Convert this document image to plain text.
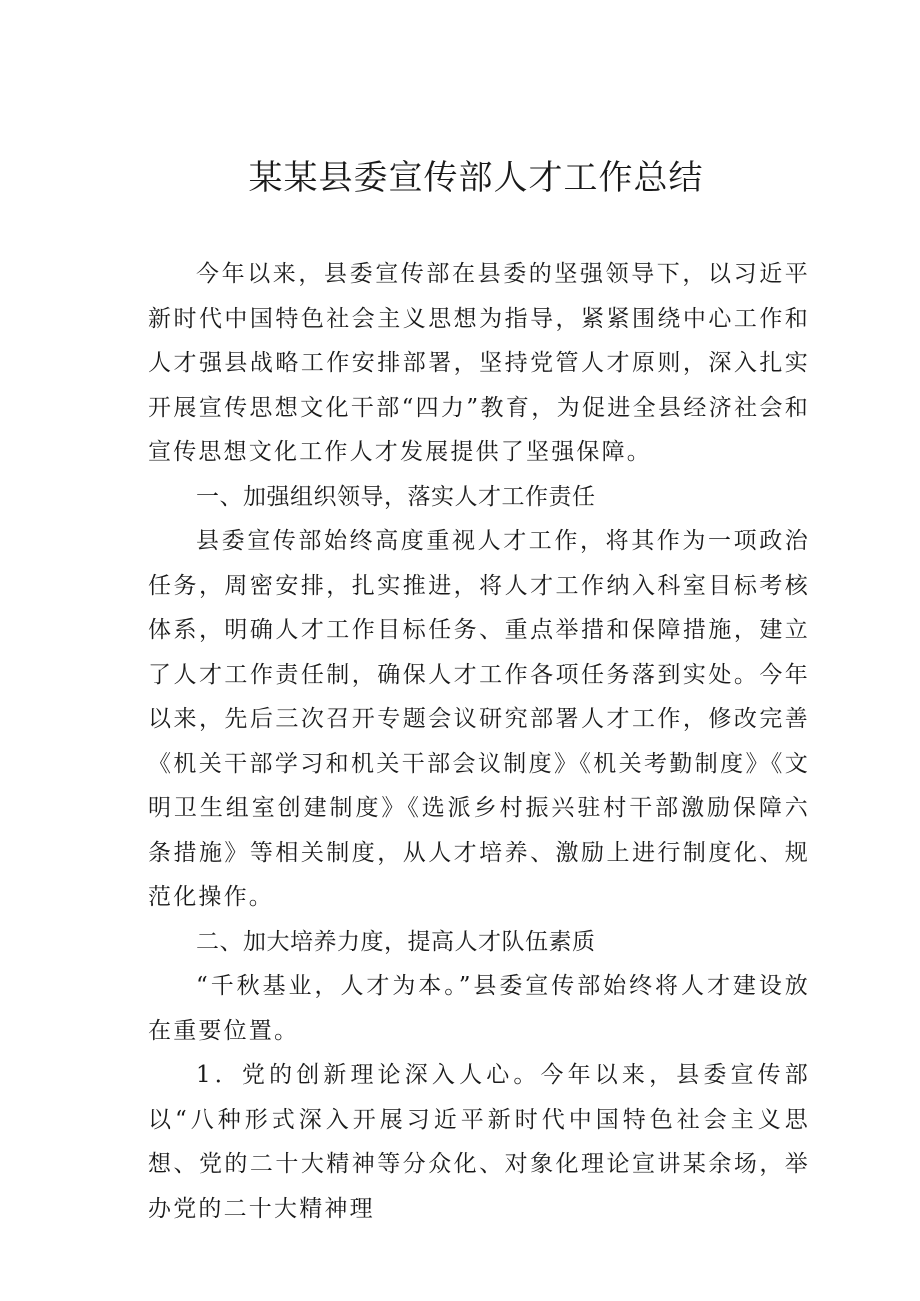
某某县委宣传部人才工作总结

今年以来，县委宣传部在县委的坚强领导下，以习近平新时代中国特色社会主义思想为指导，紧紧围绕中心工作和人才强县战略工作安排部署，坚持党管人才原则，深入扎实开展宣传思想文化干部“四力”教育，为促进全县经济社会和宣传思想文化工作人才发展提供了坚强保障。

一、加强组织领导，落实人才工作责任

县委宣传部始终高度重视人才工作，将其作为一项政治任务，周密安排，扎实推进，将人才工作纳入科室目标考核体系，明确人才工作目标任务、重点举措和保障措施，建立了人才工作责任制，确保人才工作各项任务落到实处。今年以来，先后三次召开专题会议研究部署人才工作，修改完善《机关干部学习和机关干部会议制度》《机关考勤制度》《文明卫生组室创建制度》《选派乡村振兴驻村干部激励保障六条措施》等相关制度，从人才培养、激励上进行制度化、规范化操作。

二、加大培养力度，提高人才队伍素质

“千秋基业，人才为本。”县委宣传部始终将人才建设放在重要位置。

1．党的创新理论深入人心。今年以来，县委宣传部以“八种形式深入开展习近平新时代中国特色社会主义思想、党的二十大精神等分众化、对象化理论宣讲某余场，举办党的二十大精神理
